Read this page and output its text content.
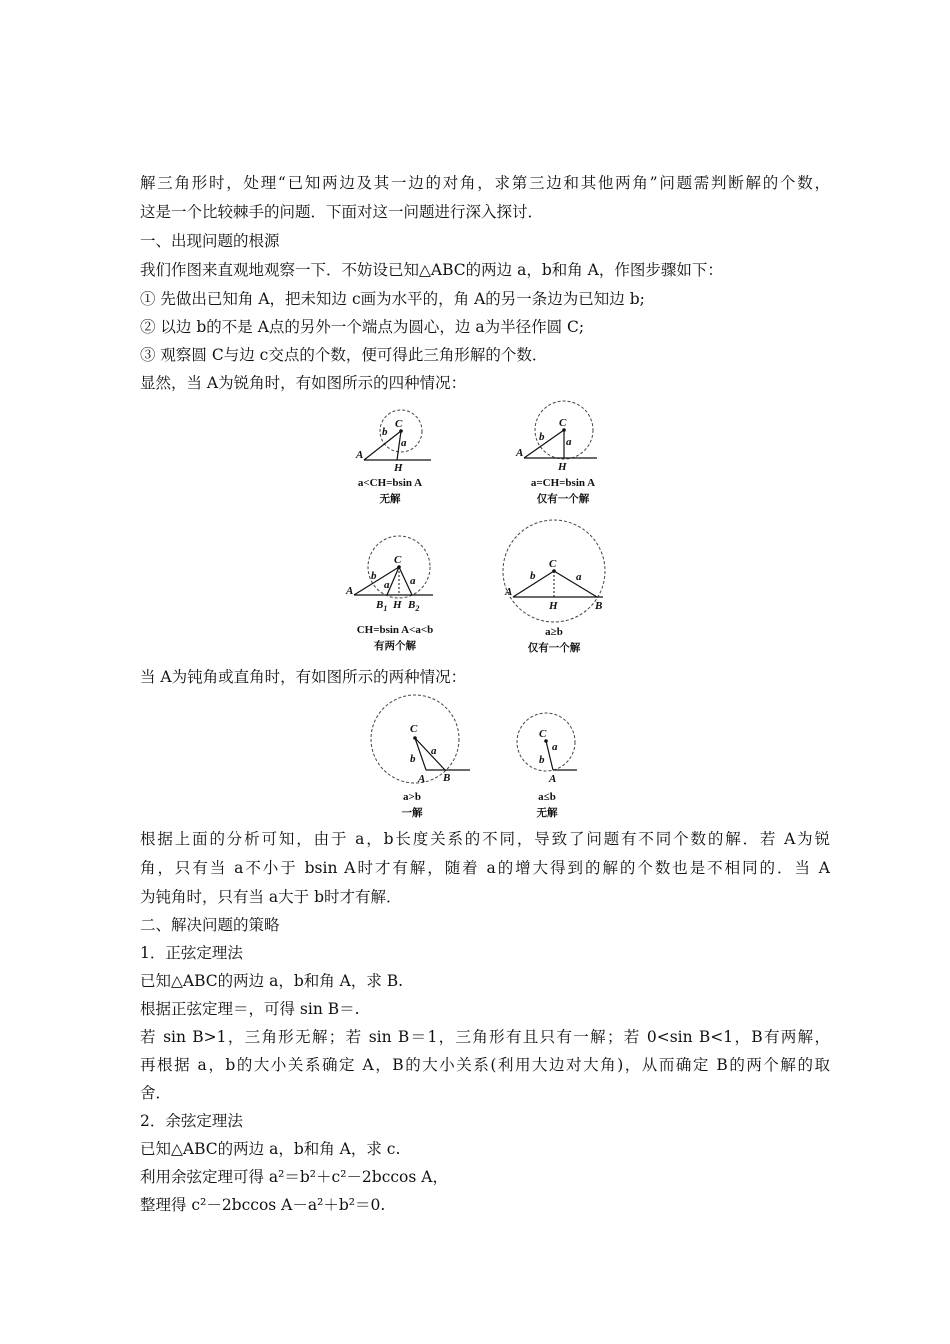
解三角形时，处理“已知两边及其一边的对角，求第三边和其他两角”问题需判断解的个数，
这是一个比较棘手的问题．下面对这一问题进行深入探讨．
一、出现问题的根源
我们作图来直观地观察一下．不妨设已知△ABC的两边 a，b和角 A，作图步骤如下：
① 先做出已知角 A，把未知边 c画为水平的，角 A的另一条边为已知边 b;
② 以边 b的不是 A点的另外一个端点为圆心，边 a为半径作圆 C;
③ 观察圆 C与边 c交点的个数，便可得此三角形解的个数．
显然，当 A为锐角时，有如图所示的四种情况：
C
b
a
A
H
a<CH=bsin A
无解
C
b a
A
H
a=CH=bsin A
仅有一个解
C
b
a a
A
$B_1$ H $B_2$
CH=bsin A<a<b
有两个解
C
b	a
A
H	B
a≥b
仅有一个解
当 A为钝角或直角时，有如图所示的两种情况：
C
b
a
A B
a>b
一解
C
a
b
A
a≤b
无解
根据上面的分析可知，由于 a，b长度关系的不同，导致了问题有不同个数的解．若 A为锐
角，只有当 a不小于 bsin A时才有解，随着 a的增大得到的解的个数也是不相同的．当 A
为钝角时，只有当 a大于 b时才有解．
二、解决问题的策略
1．正弦定理法
已知△ABC的两边 a，b和角 A，求 B.
根据正弦定理＝，可得 sin B＝.
若 sin B>1，三角形无解；若 sin B＝1，三角形有且只有一解；若 0<sin B<1，B有两解，
再根据 a，b的大小关系确定 A，B的大小关系(利用大边对大角)，从而确定 B的两个解的取
舍．
2．余弦定理法
已知△ABC的两边 a，b和角 A，求 c.
利用余弦定理可得 a²＝b²＋c²－2bccos A，
整理得 c²－2bccos A－a²＋b²＝0.
